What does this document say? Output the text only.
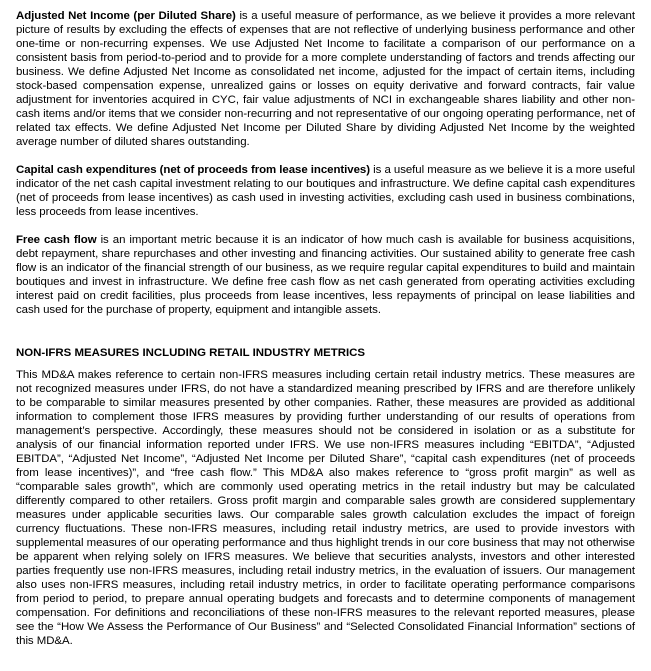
Adjusted Net Income (per Diluted Share) is a useful measure of performance, as we believe it provides a more relevant picture of results by excluding the effects of expenses that are not reflective of underlying business performance and other one-time or non-recurring expenses. We use Adjusted Net Income to facilitate a comparison of our performance on a consistent basis from period-to-period and to provide for a more complete understanding of factors and trends affecting our business. We define Adjusted Net Income as consolidated net income, adjusted for the impact of certain items, including stock-based compensation expense, unrealized gains or losses on equity derivative and forward contracts, fair value adjustment for inventories acquired in CYC, fair value adjustments of NCI in exchangeable shares liability and other non-cash items and/or items that we consider non-recurring and not representative of our ongoing operating performance, net of related tax effects. We define Adjusted Net Income per Diluted Share by dividing Adjusted Net Income by the weighted average number of diluted shares outstanding.

Capital cash expenditures (net of proceeds from lease incentives) is a useful measure as we believe it is a more useful indicator of the net cash capital investment relating to our boutiques and infrastructure. We define capital cash expenditures (net of proceeds from lease incentives) as cash used in investing activities, excluding cash used in business combinations, less proceeds from lease incentives.

Free cash flow is an important metric because it is an indicator of how much cash is available for business acquisitions, debt repayment, share repurchases and other investing and financing activities. Our sustained ability to generate free cash flow is an indicator of the financial strength of our business, as we require regular capital expenditures to build and maintain boutiques and invest in infrastructure. We define free cash flow as net cash generated from operating activities excluding interest paid on credit facilities, plus proceeds from lease incentives, less repayments of principal on lease liabilities and cash used for the purchase of property, equipment and intangible assets.

NON-IFRS MEASURES INCLUDING RETAIL INDUSTRY METRICS

This MD&A makes reference to certain non-IFRS measures including certain retail industry metrics. These measures are not recognized measures under IFRS, do not have a standardized meaning prescribed by IFRS and are therefore unlikely to be comparable to similar measures presented by other companies. Rather, these measures are provided as additional information to complement those IFRS measures by providing further understanding of our results of operations from management’s perspective. Accordingly, these measures should not be considered in isolation or as a substitute for analysis of our financial information reported under IFRS. We use non-IFRS measures including “EBITDA”, “Adjusted EBITDA”, “Adjusted Net Income”, “Adjusted Net Income per Diluted Share”, “capital cash expenditures (net of proceeds from lease incentives)”, and “free cash flow.” This MD&A also makes reference to “gross profit margin” as well as “comparable sales growth”, which are commonly used operating metrics in the retail industry but may be calculated differently compared to other retailers. Gross profit margin and comparable sales growth are considered supplementary measures under applicable securities laws. Our comparable sales growth calculation excludes the impact of foreign currency fluctuations. These non-IFRS measures, including retail industry metrics, are used to provide investors with supplemental measures of our operating performance and thus highlight trends in our core business that may not otherwise be apparent when relying solely on IFRS measures. We believe that securities analysts, investors and other interested parties frequently use non-IFRS measures, including retail industry metrics, in the evaluation of issuers. Our management also uses non-IFRS measures, including retail industry metrics, in order to facilitate operating performance comparisons from period to period, to prepare annual operating budgets and forecasts and to determine components of management compensation. For definitions and reconciliations of these non-IFRS measures to the relevant reported measures, please see the “How We Assess the Performance of Our Business” and “Selected Consolidated Financial Information” sections of this MD&A.
